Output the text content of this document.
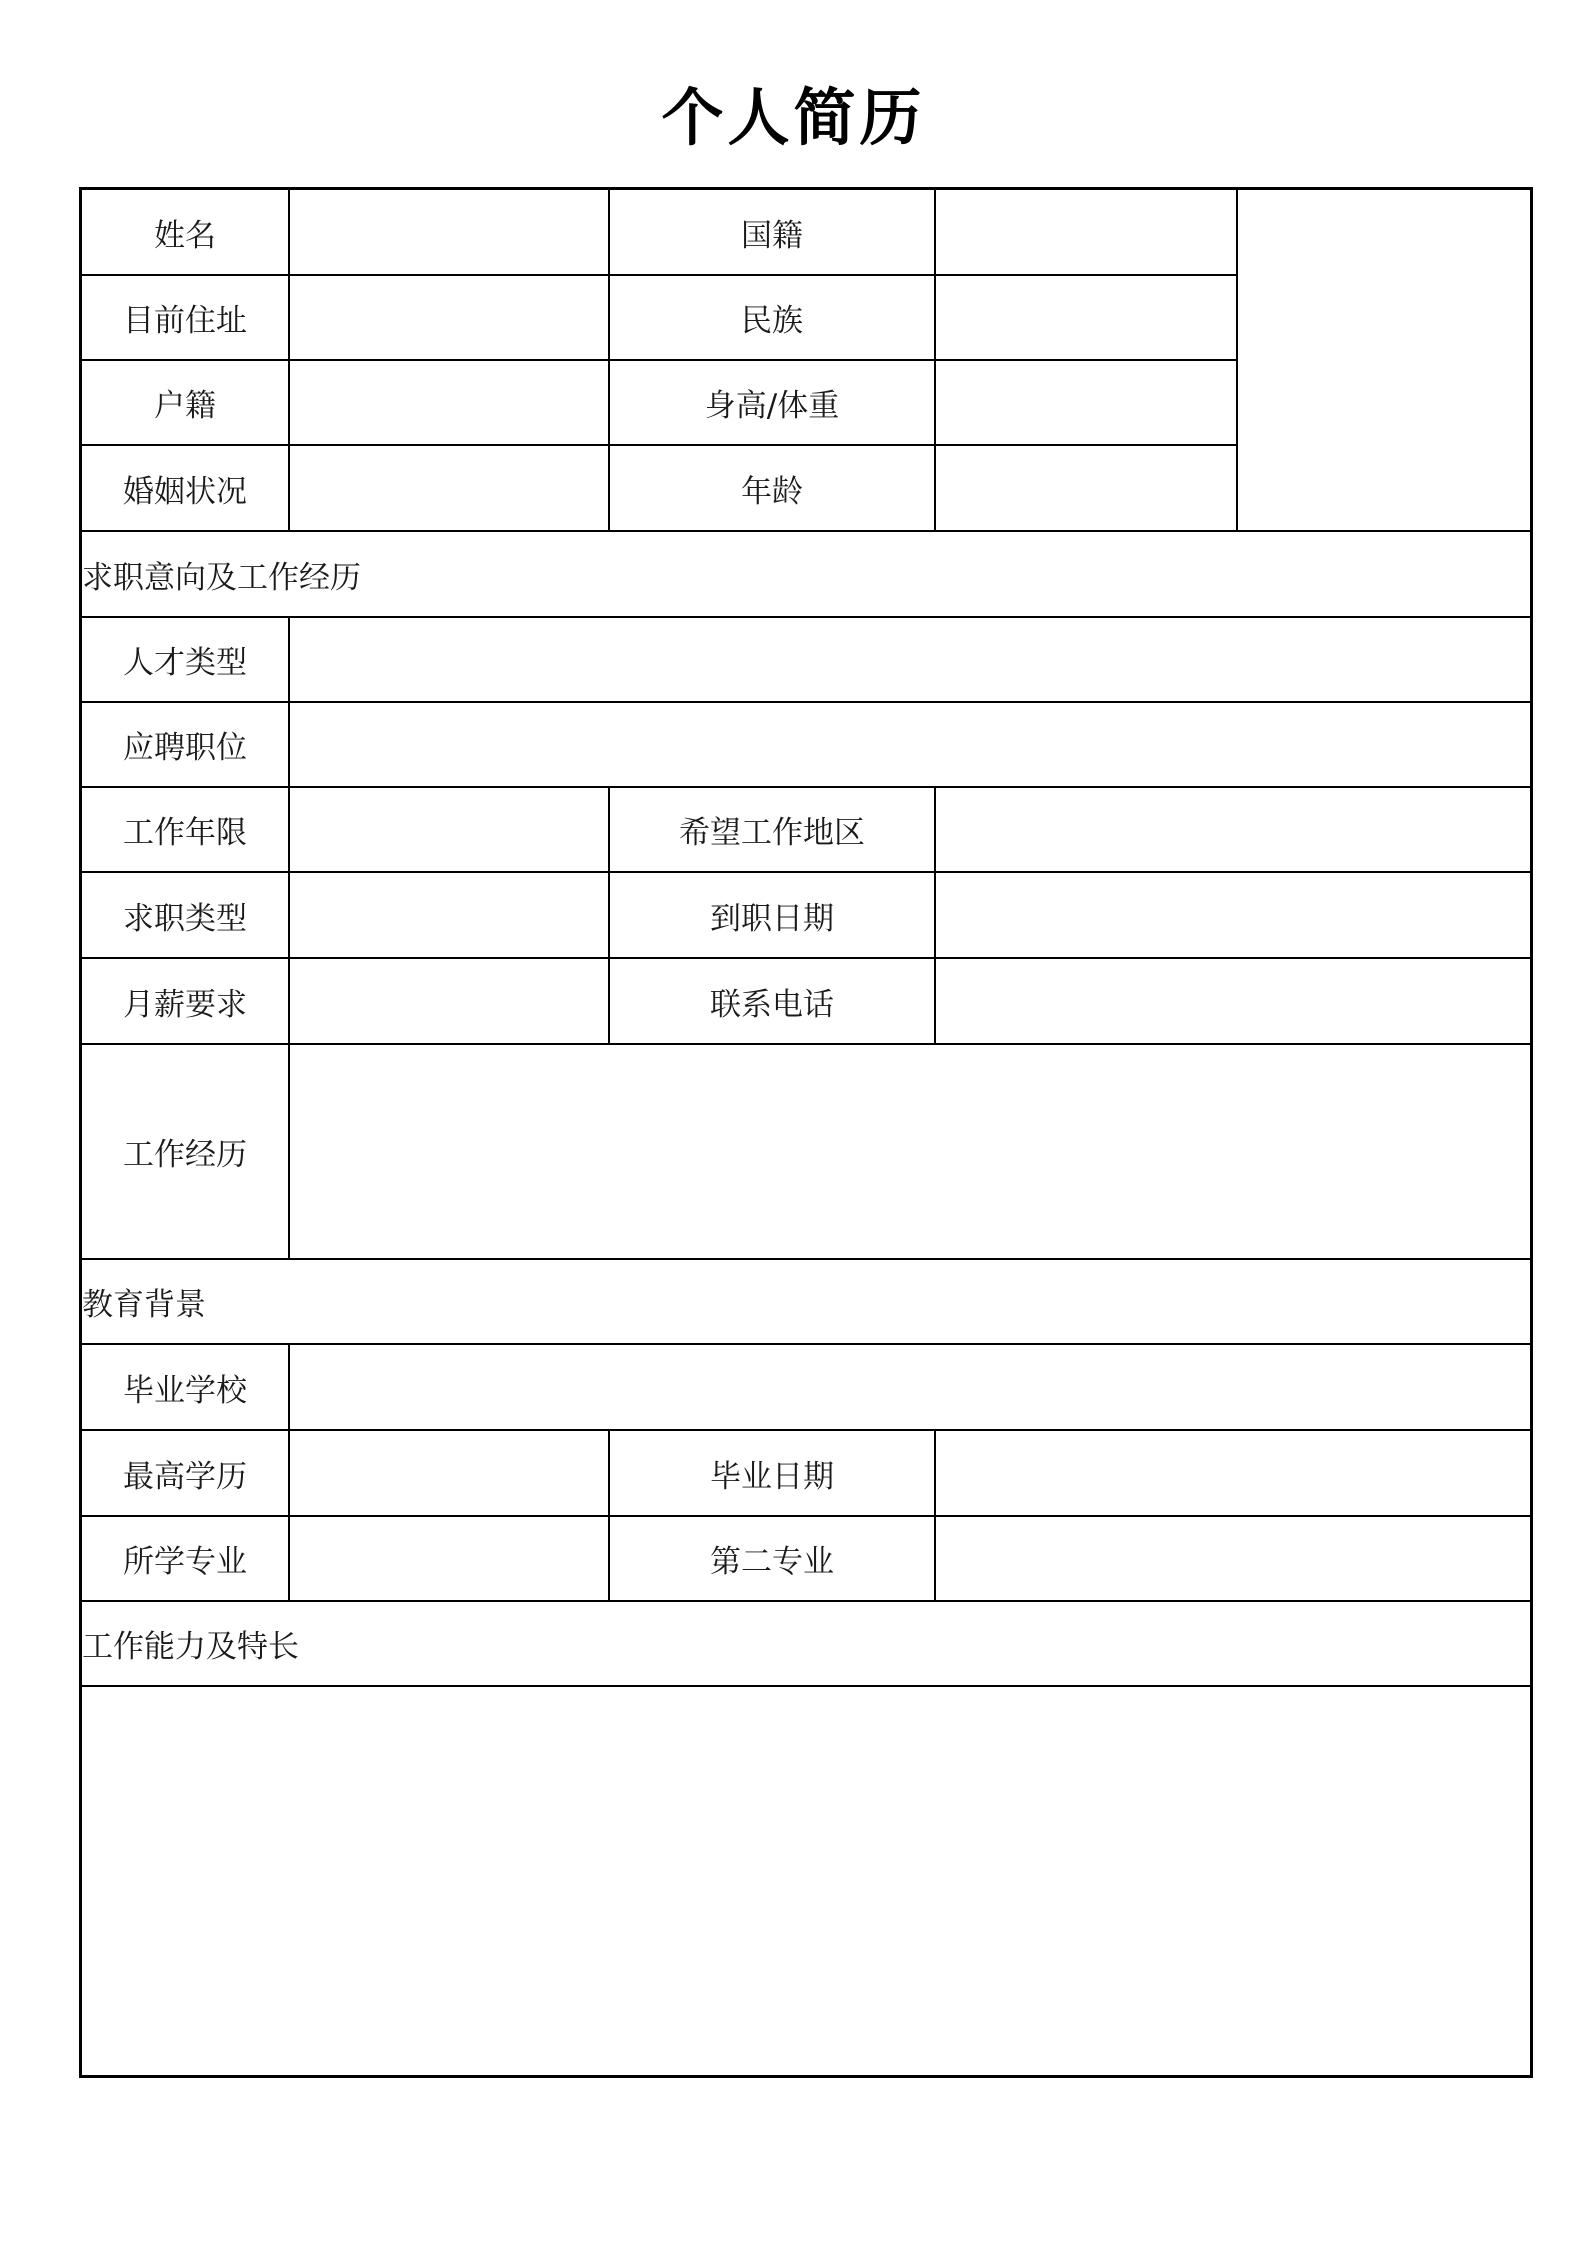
个人简历
姓名		国籍		
目前住址		民族		
户籍		身高/体重		
婚姻状况		年龄		
求职意向及工作经历				
人才类型				
应聘职位				
工作年限		希望工作地区		
求职类型		到职日期		
月薪要求		联系电话		
工作经历				
教育背景				
毕业学校				
最高学历		毕业日期		
所学专业		第二专业		
工作能力及特长				
